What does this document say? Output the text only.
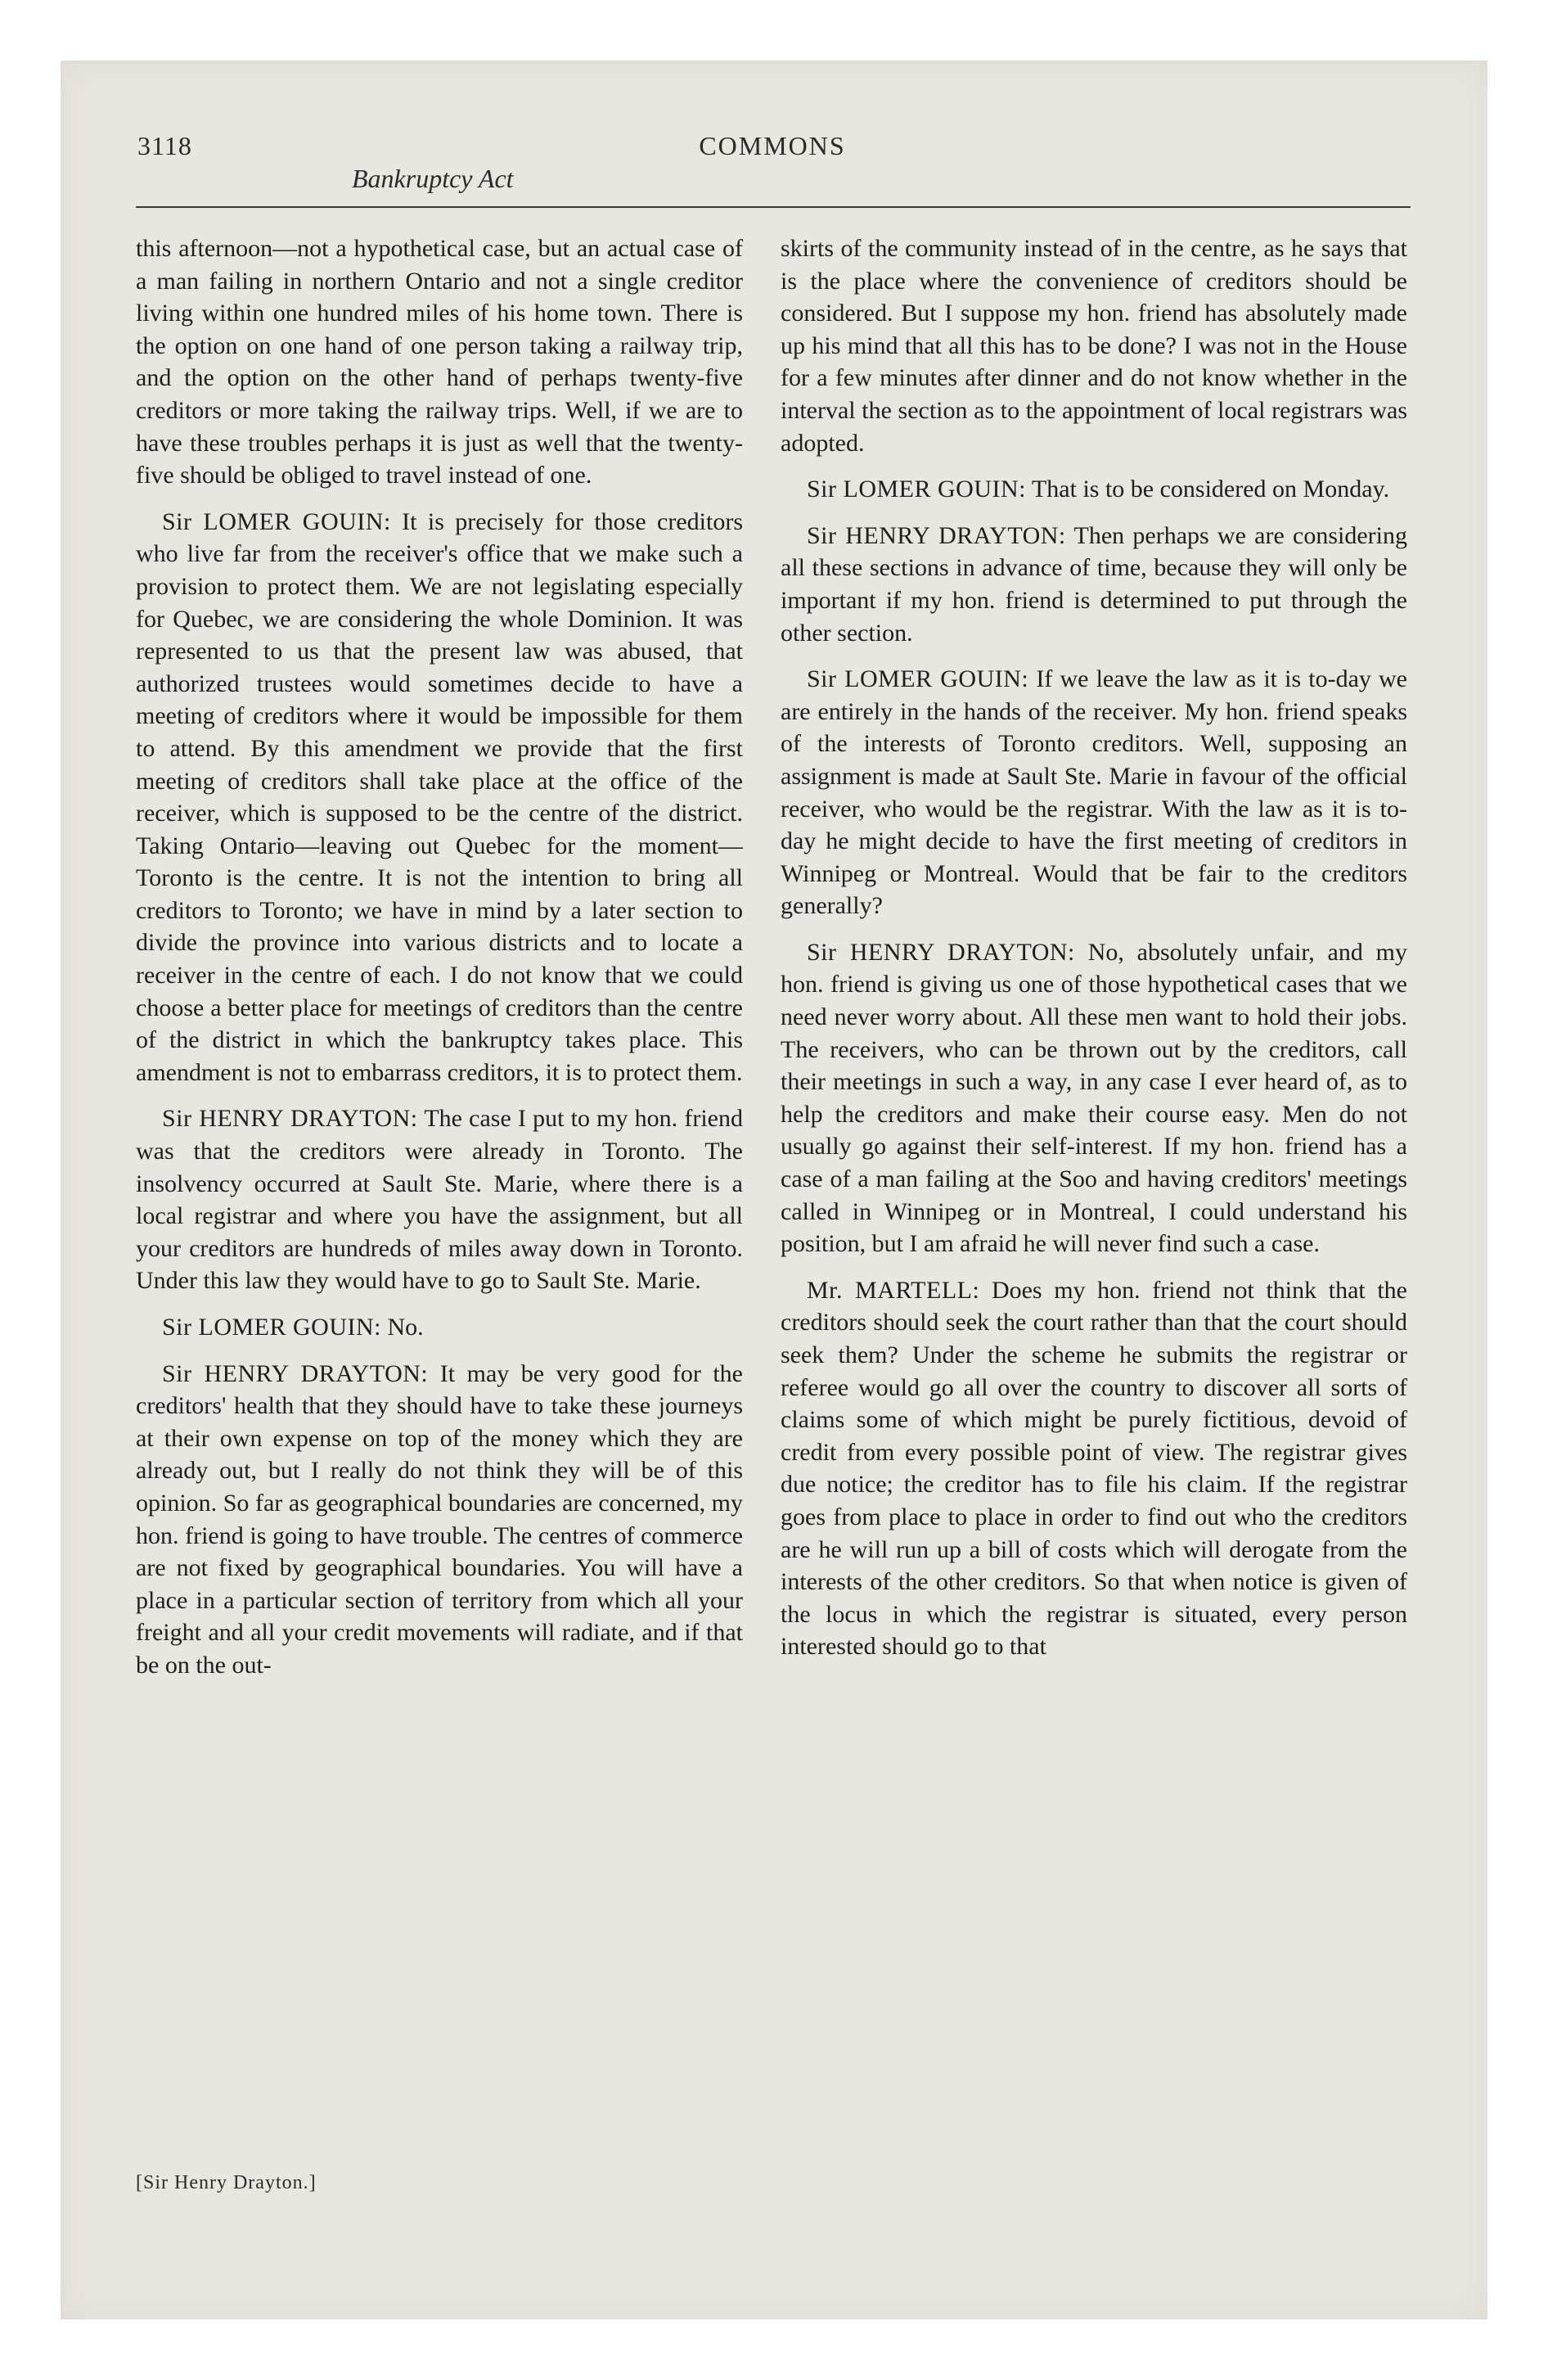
3118	COMMONS
Bankruptcy Act

this afternoon—not a hypothetical case, but an actual case of a man failing in northern Ontario and not a single creditor living within one hundred miles of his home town. There is the option on one hand of one person taking a railway trip, and the option on the other hand of perhaps twenty-five creditors or more taking the railway trips. Well, if we are to have these troubles perhaps it is just as well that the twenty-five should be obliged to travel instead of one.

Sir LOMER GOUIN: It is precisely for those creditors who live far from the receiver's office that we make such a provision to protect them. We are not legislating especially for Quebec, we are considering the whole Dominion. It was represented to us that the present law was abused, that authorized trustees would sometimes decide to have a meeting of creditors where it would be impossible for them to attend. By this amendment we provide that the first meeting of creditors shall take place at the office of the receiver, which is supposed to be the centre of the district. Taking Ontario—leaving out Quebec for the moment—Toronto is the centre. It is not the intention to bring all creditors to Toronto; we have in mind by a later section to divide the province into various districts and to locate a receiver in the centre of each. I do not know that we could choose a better place for meetings of creditors than the centre of the district in which the bankruptcy takes place. This amendment is not to embarrass creditors, it is to protect them.

Sir HENRY DRAYTON: The case I put to my hon. friend was that the creditors were already in Toronto. The insolvency occurred at Sault Ste. Marie, where there is a local registrar and where you have the assignment, but all your creditors are hundreds of miles away down in Toronto. Under this law they would have to go to Sault Ste. Marie.

Sir LOMER GOUIN: No.

Sir HENRY DRAYTON: It may be very good for the creditors' health that they should have to take these journeys at their own expense on top of the money which they are already out, but I really do not think they will be of this opinion. So far as geographical boundaries are concerned, my hon. friend is going to have trouble. The centres of commerce are not fixed by geographical boundaries. You will have a place in a particular section of territory from which all your freight and all your credit movements will radiate, and if that be on the out-

skirts of the community instead of in the centre, as he says that is the place where the convenience of creditors should be considered. But I suppose my hon. friend has absolutely made up his mind that all this has to be done? I was not in the House for a few minutes after dinner and do not know whether in the interval the section as to the appointment of local registrars was adopted.

Sir LOMER GOUIN: That is to be considered on Monday.

Sir HENRY DRAYTON: Then perhaps we are considering all these sections in advance of time, because they will only be important if my hon. friend is determined to put through the other section.

Sir LOMER GOUIN: If we leave the law as it is to-day we are entirely in the hands of the receiver. My hon. friend speaks of the interests of Toronto creditors. Well, supposing an assignment is made at Sault Ste. Marie in favour of the official receiver, who would be the registrar. With the law as it is to-day he might decide to have the first meeting of creditors in Winnipeg or Montreal. Would that be fair to the creditors generally?

Sir HENRY DRAYTON: No, absolutely unfair, and my hon. friend is giving us one of those hypothetical cases that we need never worry about. All these men want to hold their jobs. The receivers, who can be thrown out by the creditors, call their meetings in such a way, in any case I ever heard of, as to help the creditors and make their course easy. Men do not usually go against their self-interest. If my hon. friend has a case of a man failing at the Soo and having creditors' meetings called in Winnipeg or in Montreal, I could understand his position, but I am afraid he will never find such a case.

Mr. MARTELL: Does my hon. friend not think that the creditors should seek the court rather than that the court should seek them? Under the scheme he submits the registrar or referee would go all over the country to discover all sorts of claims some of which might be purely fictitious, devoid of credit from every possible point of view. The registrar gives due notice; the creditor has to file his claim. If the registrar goes from place to place in order to find out who the creditors are he will run up a bill of costs which will derogate from the interests of the other creditors. So that when notice is given of the locus in which the registrar is situated, every person interested should go to that

[Sir Henry Drayton.]
